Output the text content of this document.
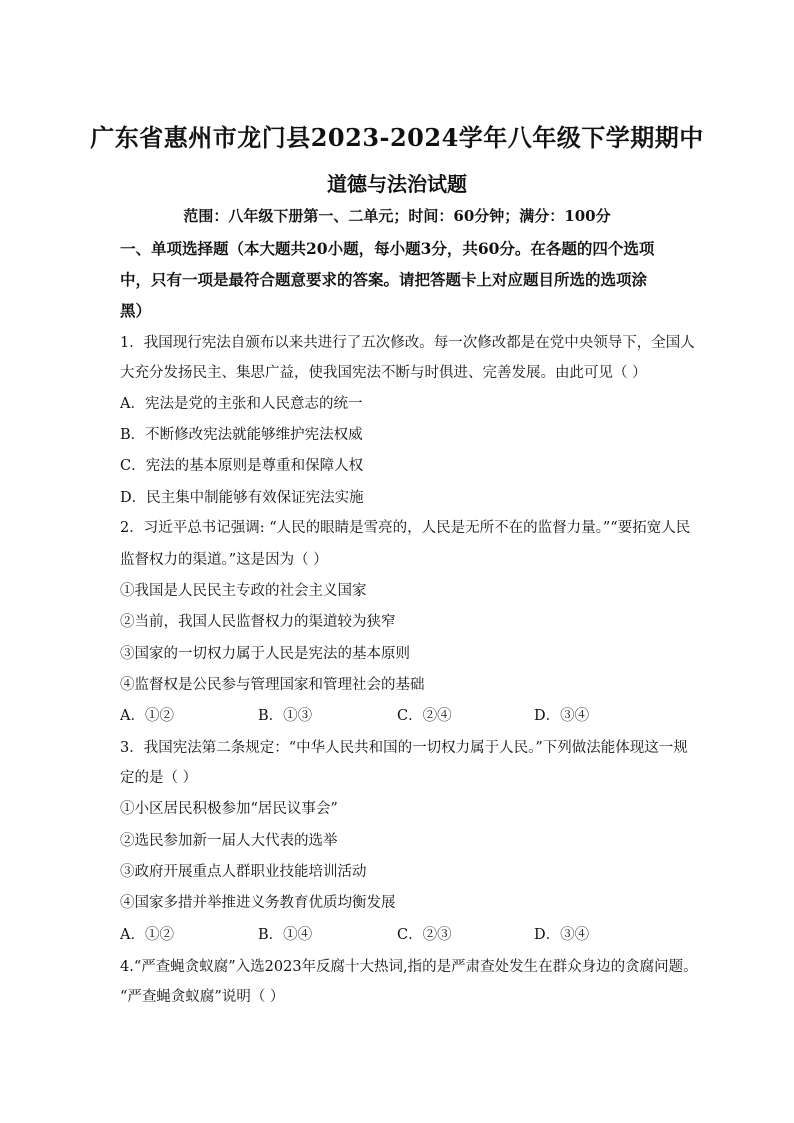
广东省惠州市龙门县2023-2024学年八年级下学期期中
道德与法治试题
范围：八年级下册第一、二单元；时间：60分钟；满分：100分
一、单项选择题（本大题共20小题，每小题3分，共60分。在各题的四个选项
中，只有一项是最符合题意要求的答案。请把答题卡上对应题目所选的选项涂
黑）
1．我国现行宪法自颁布以来共进行了五次修改。每一次修改都是在党中央领导下，全国人
大充分发扬民主、集思广益，使我国宪法不断与时俱进、完善发展。由此可见（ ）
A．宪法是党的主张和人民意志的统一
B．不断修改宪法就能够维护宪法权威
C．宪法的基本原则是尊重和保障人权
D．民主集中制能够有效保证宪法实施
2．习近平总书记强调: “人民的眼睛是雪亮的，人民是无所不在的监督力量。”“要拓宽人民
监督权力的渠道。”这是因为（ ）
①我国是人民民主专政的社会主义国家
②当前，我国人民监督权力的渠道较为狭窄
③国家的一切权力属于人民是宪法的基本原则
④监督权是公民参与管理国家和管理社会的基础
A．①②	B．①③	C．②④	D．③④
3．我国宪法第二条规定：“中华人民共和国的一切权力属于人民。”下列做法能体现这一规
定的是（ ）
①小区居民积极参加“居民议事会”
②选民参加新一届人大代表的选举
③政府开展重点人群职业技能培训活动
④国家多措并举推进义务教育优质均衡发展
A．①②	B．①④	C．②③	D．③④
4.“严查蝇贪蚁腐”入选2023年反腐十大热词,指的是严肃查处发生在群众身边的贪腐问题。
“严查蝇贪蚁腐”说明（ ）
